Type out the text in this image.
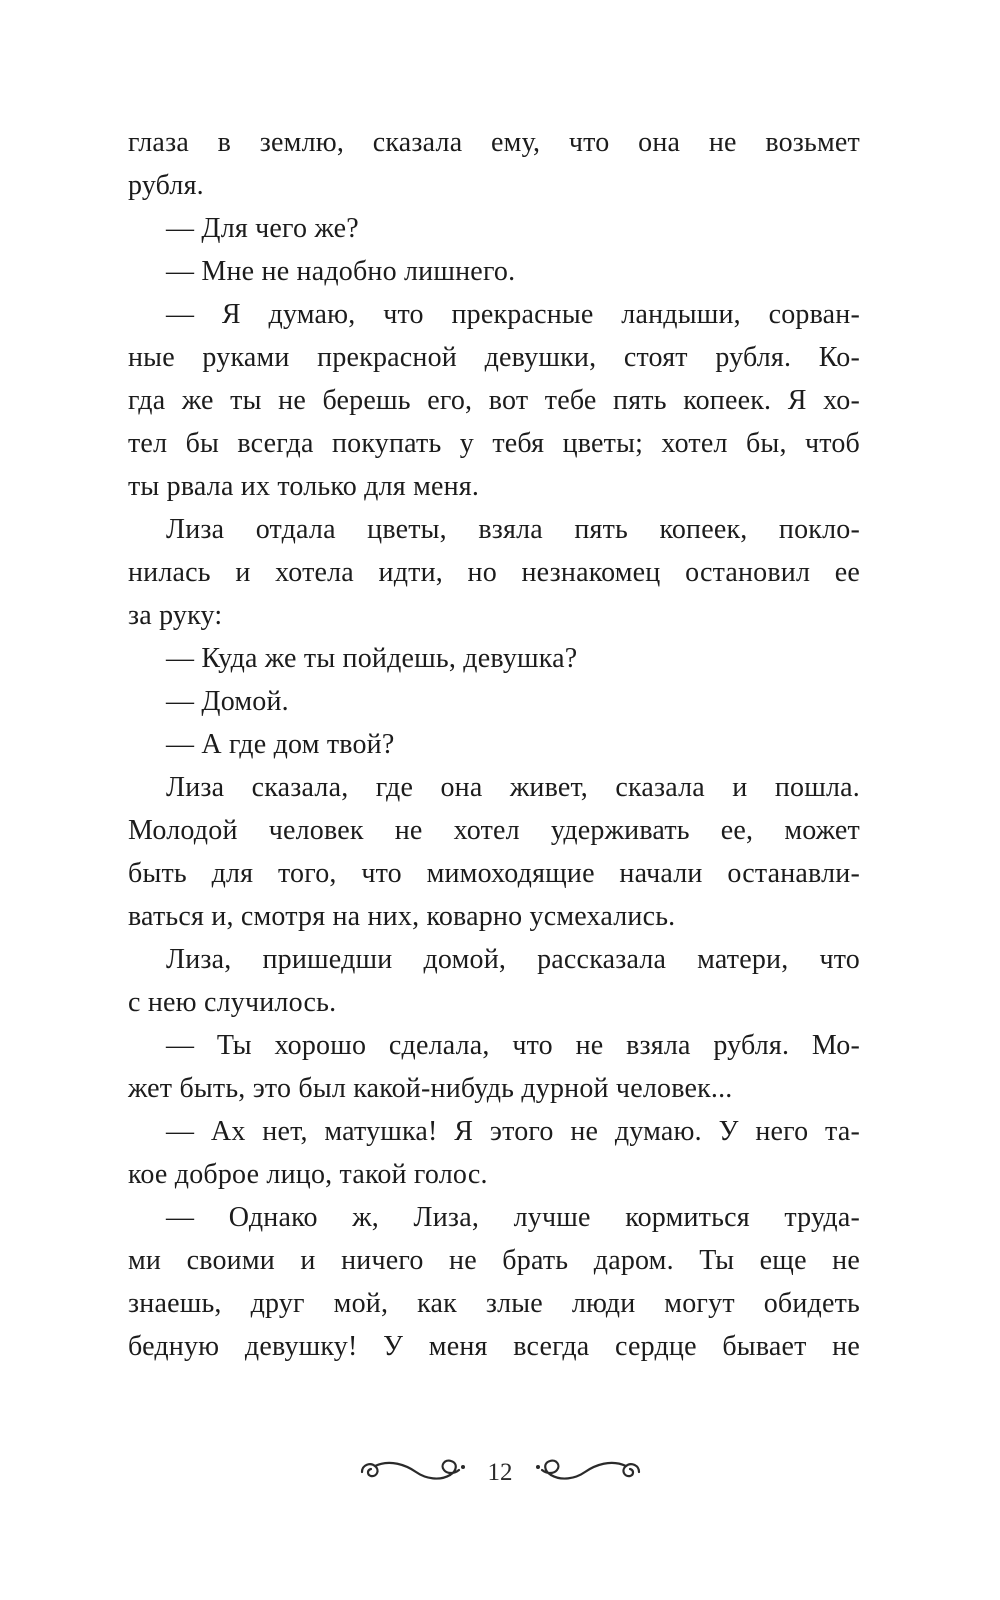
глаза в землю, сказала ему, что она не возьмет
рубля.
— Для чего же?
— Мне не надобно лишнего.
— Я думаю, что прекрасные ландыши, сорван-
ные руками прекрасной девушки, стоят рубля. Ко-
гда же ты не берешь его, вот тебе пять копеек. Я хо-
тел бы всегда покупать у тебя цветы; хотел бы, чтоб
ты рвала их только для меня.
Лиза отдала цветы, взяла пять копеек, покло-
нилась и хотела идти, но незнакомец остановил ее
за руку:
— Куда же ты пойдешь, девушка?
— Домой.
— А где дом твой?
Лиза сказала, где она живет, сказала и пошла.
Молодой человек не хотел удерживать ее, может
быть для того, что мимоходящие начали останавли-
ваться и, смотря на них, коварно усмехались.
Лиза, пришедши домой, рассказала матери, что
с нею случилось.
— Ты хорошо сделала, что не взяла рубля. Мо-
жет быть, это был какой-нибудь дурной человек...
— Ах нет, матушка! Я этого не думаю. У него та-
кое доброе лицо, такой голос.
— Однако ж, Лиза, лучше кормиться труда-
ми своими и ничего не брать даром. Ты еще не
знаешь, друг мой, как злые люди могут обидеть
бедную девушку! У меня всегда сердце бывает не
12
